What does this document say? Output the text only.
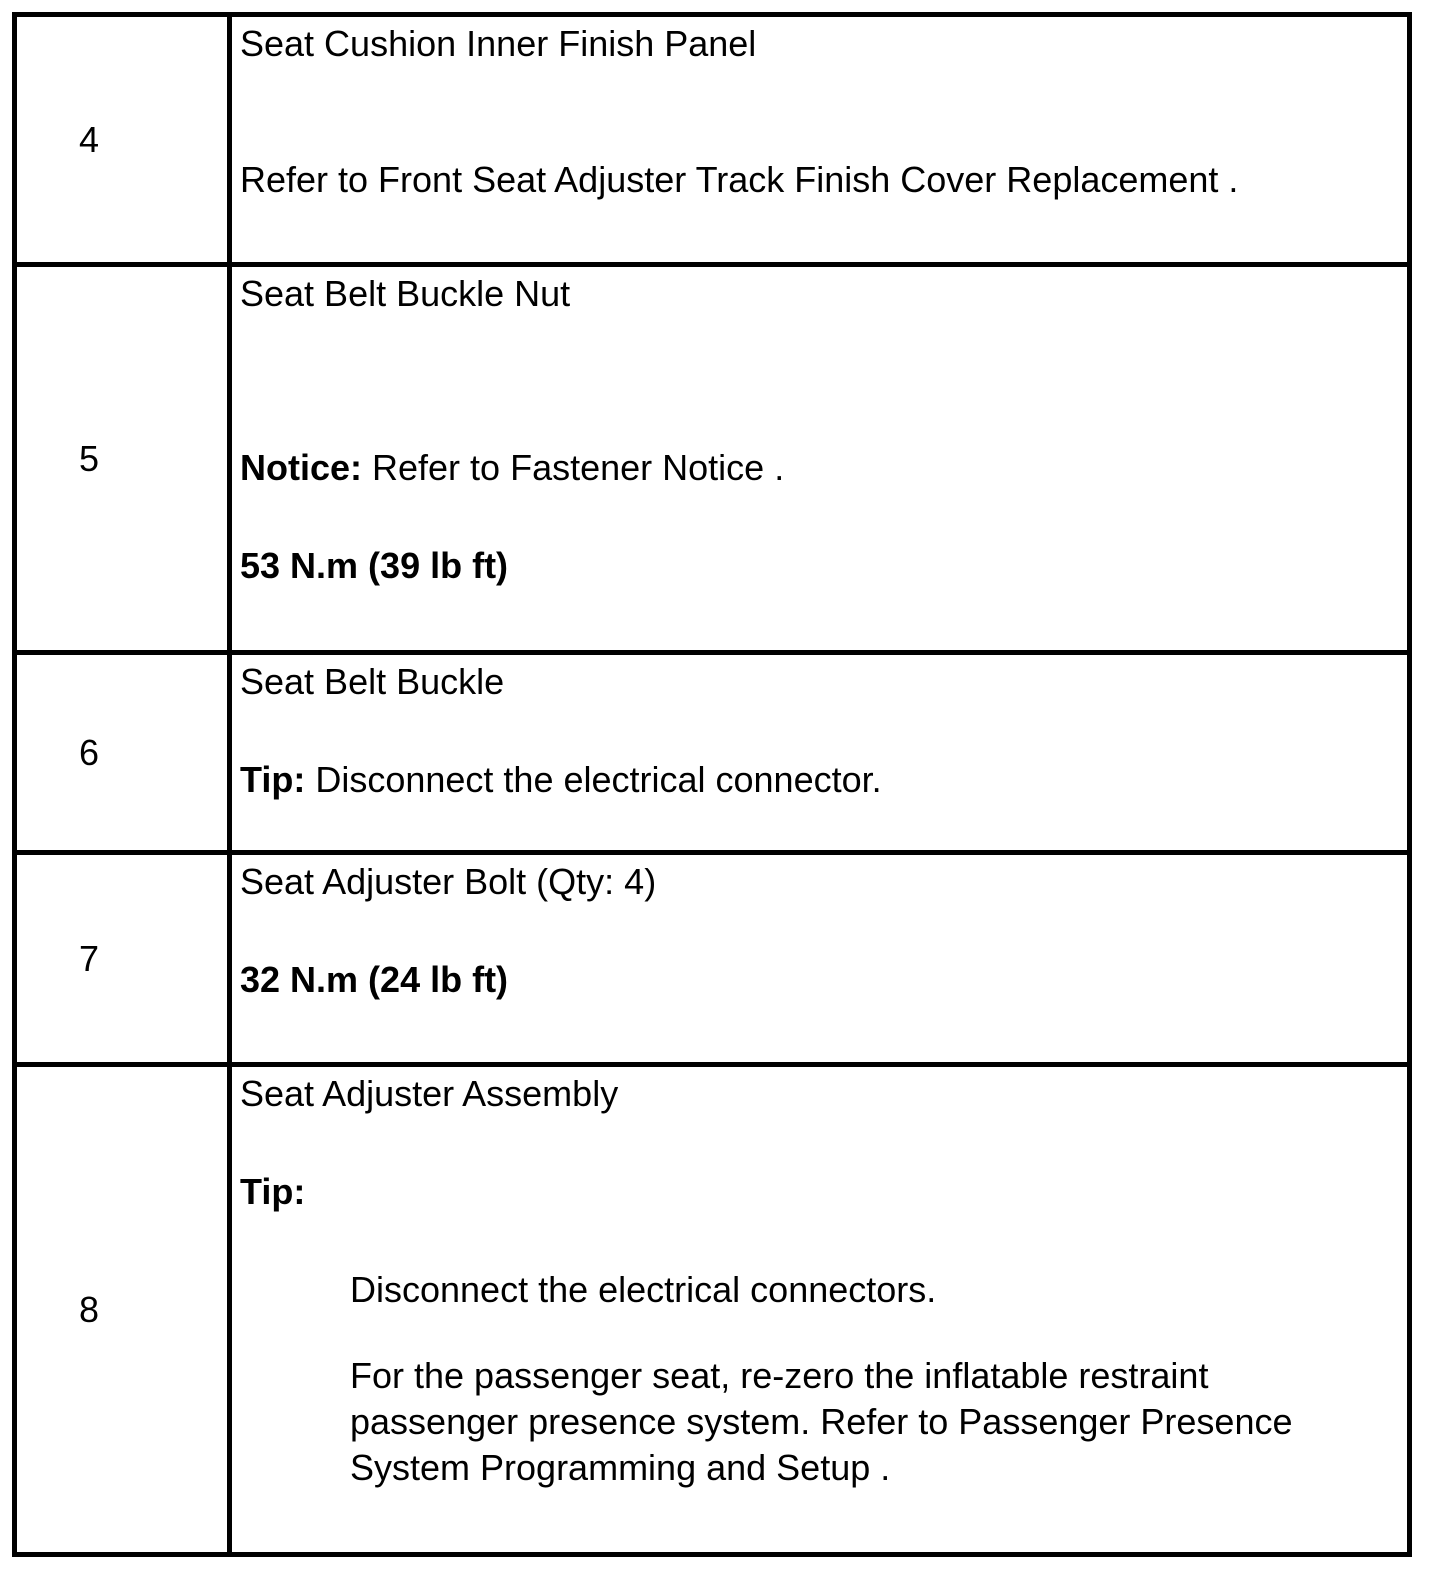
4	Seat Cushion Inner Finish Panel
Refer to Front Seat Adjuster Track Finish Cover Replacement .

5	Seat Belt Buckle Nut
Notice: Refer to Fastener Notice .
53 N.m (39 lb ft)

6	Seat Belt Buckle
Tip: Disconnect the electrical connector.

7	Seat Adjuster Bolt (Qty: 4)
32 N.m (24 lb ft)

8	Seat Adjuster Assembly
Tip:
Disconnect the electrical connectors.
For the passenger seat, re-zero the inflatable restraint passenger presence system. Refer to Passenger Presence System Programming and Setup .
